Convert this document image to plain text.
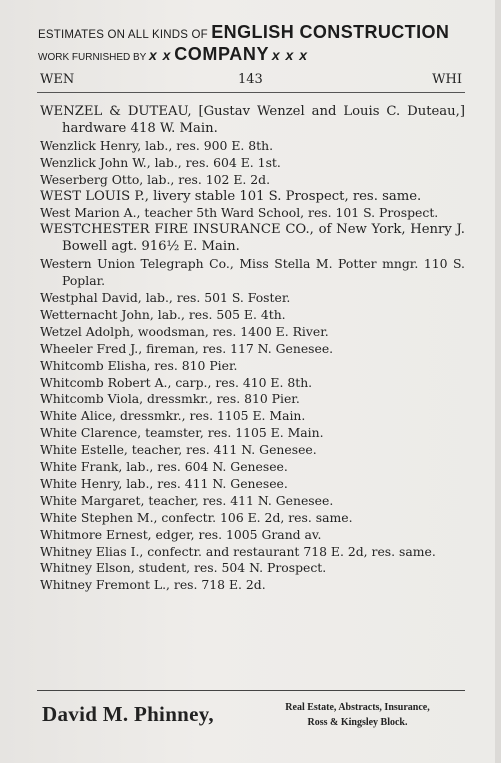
ESTIMATES ON ALL KINDS OF ENGLISH CONSTRUCTION
WORK FURNISHED BY x x COMPANY x x x
WEN	143	WHI

WENZEL & DUTEAU, [Gustav Wenzel and Louis C. Duteau,] hardware 418 W. Main.

Wenzlick Henry, lab., res. 900 E. 8th.

Wenzlick John W., lab., res. 604 E. 1st.

Weserberg Otto, lab., res. 102 E. 2d.

WEST LOUIS P., livery stable 101 S. Prospect, res. same.

West Marion A., teacher 5th Ward School, res. 101 S. Prospect.

WESTCHESTER FIRE INSURANCE CO., of New York, Henry J. Bowell agt. 916½ E. Main.

Western Union Telegraph Co., Miss Stella M. Potter mngr. 110 S. Poplar.

Westphal David, lab., res. 501 S. Foster.

Wetternacht John, lab., res. 505 E. 4th.

Wetzel Adolph, woodsman, res. 1400 E. River.

Wheeler Fred J., fireman, res. 117 N. Genesee.

Whitcomb Elisha, res. 810 Pier.

Whitcomb Robert A., carp., res. 410 E. 8th.

Whitcomb Viola, dressmkr., res. 810 Pier.

White Alice, dressmkr., res. 1105 E. Main.

White Clarence, teamster, res. 1105 E. Main.

White Estelle, teacher, res. 411 N. Genesee.

White Frank, lab., res. 604 N. Genesee.

White Henry, lab., res. 411 N. Genesee.

White Margaret, teacher, res. 411 N. Genesee.

White Stephen M., confectr. 106 E. 2d, res. same.

Whitmore Ernest, edger, res. 1005 Grand av.

Whitney Elias I., confectr. and restaurant 718 E. 2d, res. same.

Whitney Elson, student, res. 504 N. Prospect.

Whitney Fremont L., res. 718 E. 2d.

David M. Phinney,	Real Estate, Abstracts, Insurance,
Ross & Kingsley Block.
